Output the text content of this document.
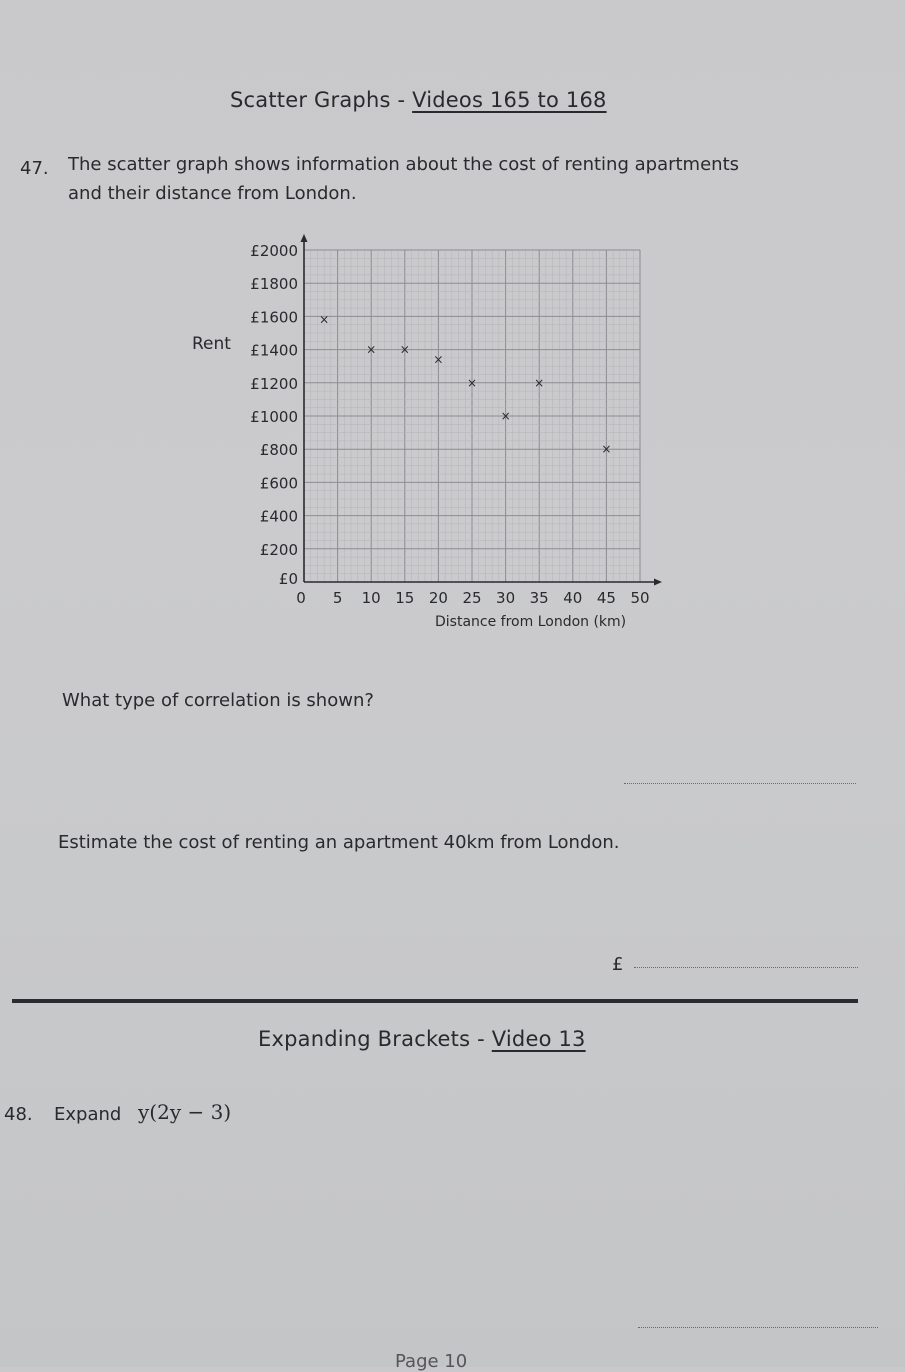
Scatter Graphs - Videos 165 to 168
47. The scatter graph shows information about the cost of renting apartments
and their distance from London.
£0
£200
£400
£600
£800
£1000
£1200
£1400
£1600
£1800
£2000
0 5 10 15 20 25 30 35 40 45 50
×
× ×
×
×
×
×
×
Rent
Distance from London (km)
What type of correlation is shown?
Estimate the cost of renting an apartment 40km from London.
£
Expanding Brackets - Video 13
48. Expand y(2y − 3)
Page 10
